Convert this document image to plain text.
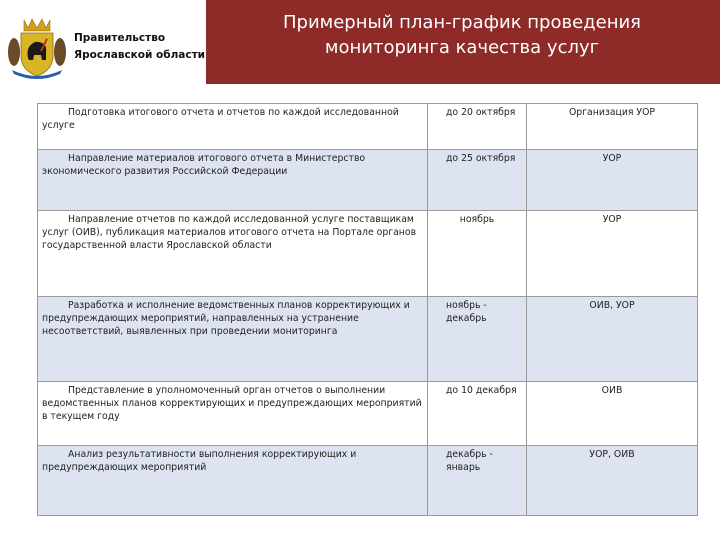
Правительство
Ярославской области
Примерный план-график проведения
мониторинга качества услуг
Подготовка итогового отчета и отчетов по каждой исследованной услуге	до 20 октября	Организация УОР

Направление материалов итогового отчета в Министерство экономического развития Российской Федерации	до 25 октября	УОР

Направление отчетов по каждой исследованной услуге поставщикам услуг (ОИВ), публикация материалов итогового отчета на Портале органов государственной власти Ярославской области	ноябрь	УОР

Разработка и исполнение ведомственных планов корректирующих и предупреждающих мероприятий, направленных на устранение несоответствий, выявленных при проведении мониторинга	ноябрь - декабрь	ОИВ, УОР

Представление в уполномоченный орган отчетов о выполнении ведомственных планов корректирующих и предупреждающих мероприятий в текущем году	до 10 декабря	ОИВ

Анализ результативности выполнения корректирующих и предупреждающих мероприятий	декабрь - январь	УОР, ОИВ
